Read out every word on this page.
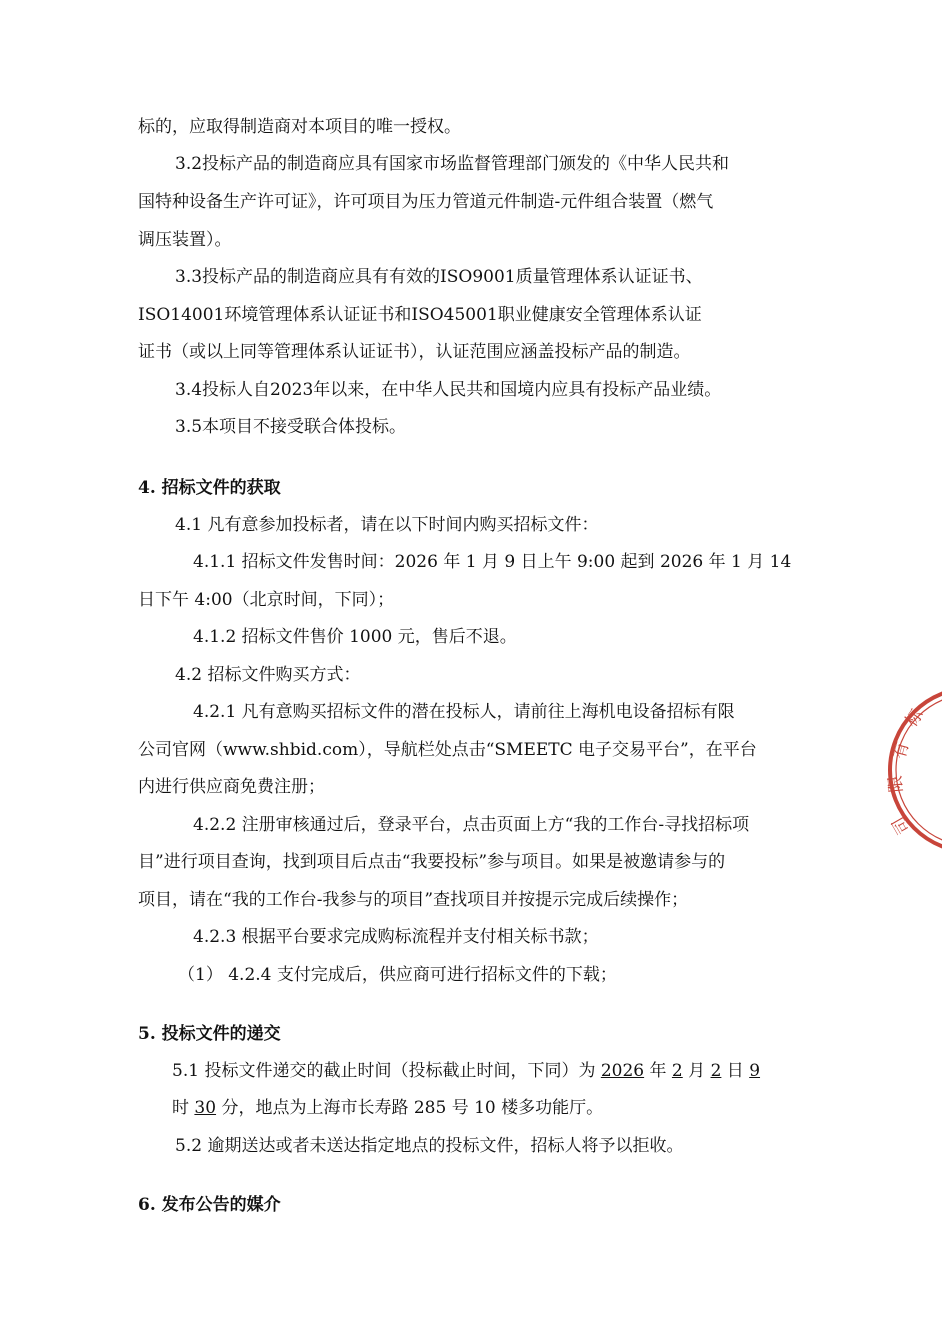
标的，应取得制造商对本项目的唯一授权。
3.2投标产品的制造商应具有国家市场监督管理部门颁发的《中华人民共和
国特种设备生产许可证》，许可项目为压力管道元件制造-元件组合装置（燃气
调压装置）。
3.3投标产品的制造商应具有有效的ISO9001质量管理体系认证证书、
ISO14001环境管理体系认证证书和ISO45001职业健康安全管理体系认证
证书（或以上同等管理体系认证证书），认证范围应涵盖投标产品的制造。
3.4投标人自2023年以来，在中华人民共和国境内应具有投标产品业绩。
3.5本项目不接受联合体投标。
4. 招标文件的获取
4.1 凡有意参加投标者，请在以下时间内购买招标文件：
4.1.1 招标文件发售时间：2026 年 1 月 9 日上午 9:00 起到 2026 年 1 月 14
日下午 4:00（北京时间，下同）；
4.1.2 招标文件售价 1000 元，售后不退。
4.2 招标文件购买方式：
4.2.1 凡有意购买招标文件的潜在投标人，请前往上海机电设备招标有限
公司官网（www.shbid.com），导航栏处点击“SMEETC 电子交易平台”，在平台
内进行供应商免费注册；
4.2.2 注册审核通过后，登录平台，点击页面上方“我的工作台-寻找招标项
目”进行项目查询，找到项目后点击“我要投标”参与项目。如果是被邀请参与的
项目，请在“我的工作台-我参与的项目”查找项目并按提示完成后续操作；
4.2.3 根据平台要求完成购标流程并支付相关标书款；
（1） 4.2.4 支付完成后，供应商可进行招标文件的下载；
5. 投标文件的递交
5.1 投标文件递交的截止时间（投标截止时间，下同）为 2026 年 2 月 2 日 9
时 30 分，地点为上海市长寿路 285 号 10 楼多功能厅。
5.2 逾期送达或者未送达指定地点的投标文件，招标人将予以拒收。
6. 发布公告的媒介
标
有
限
司
